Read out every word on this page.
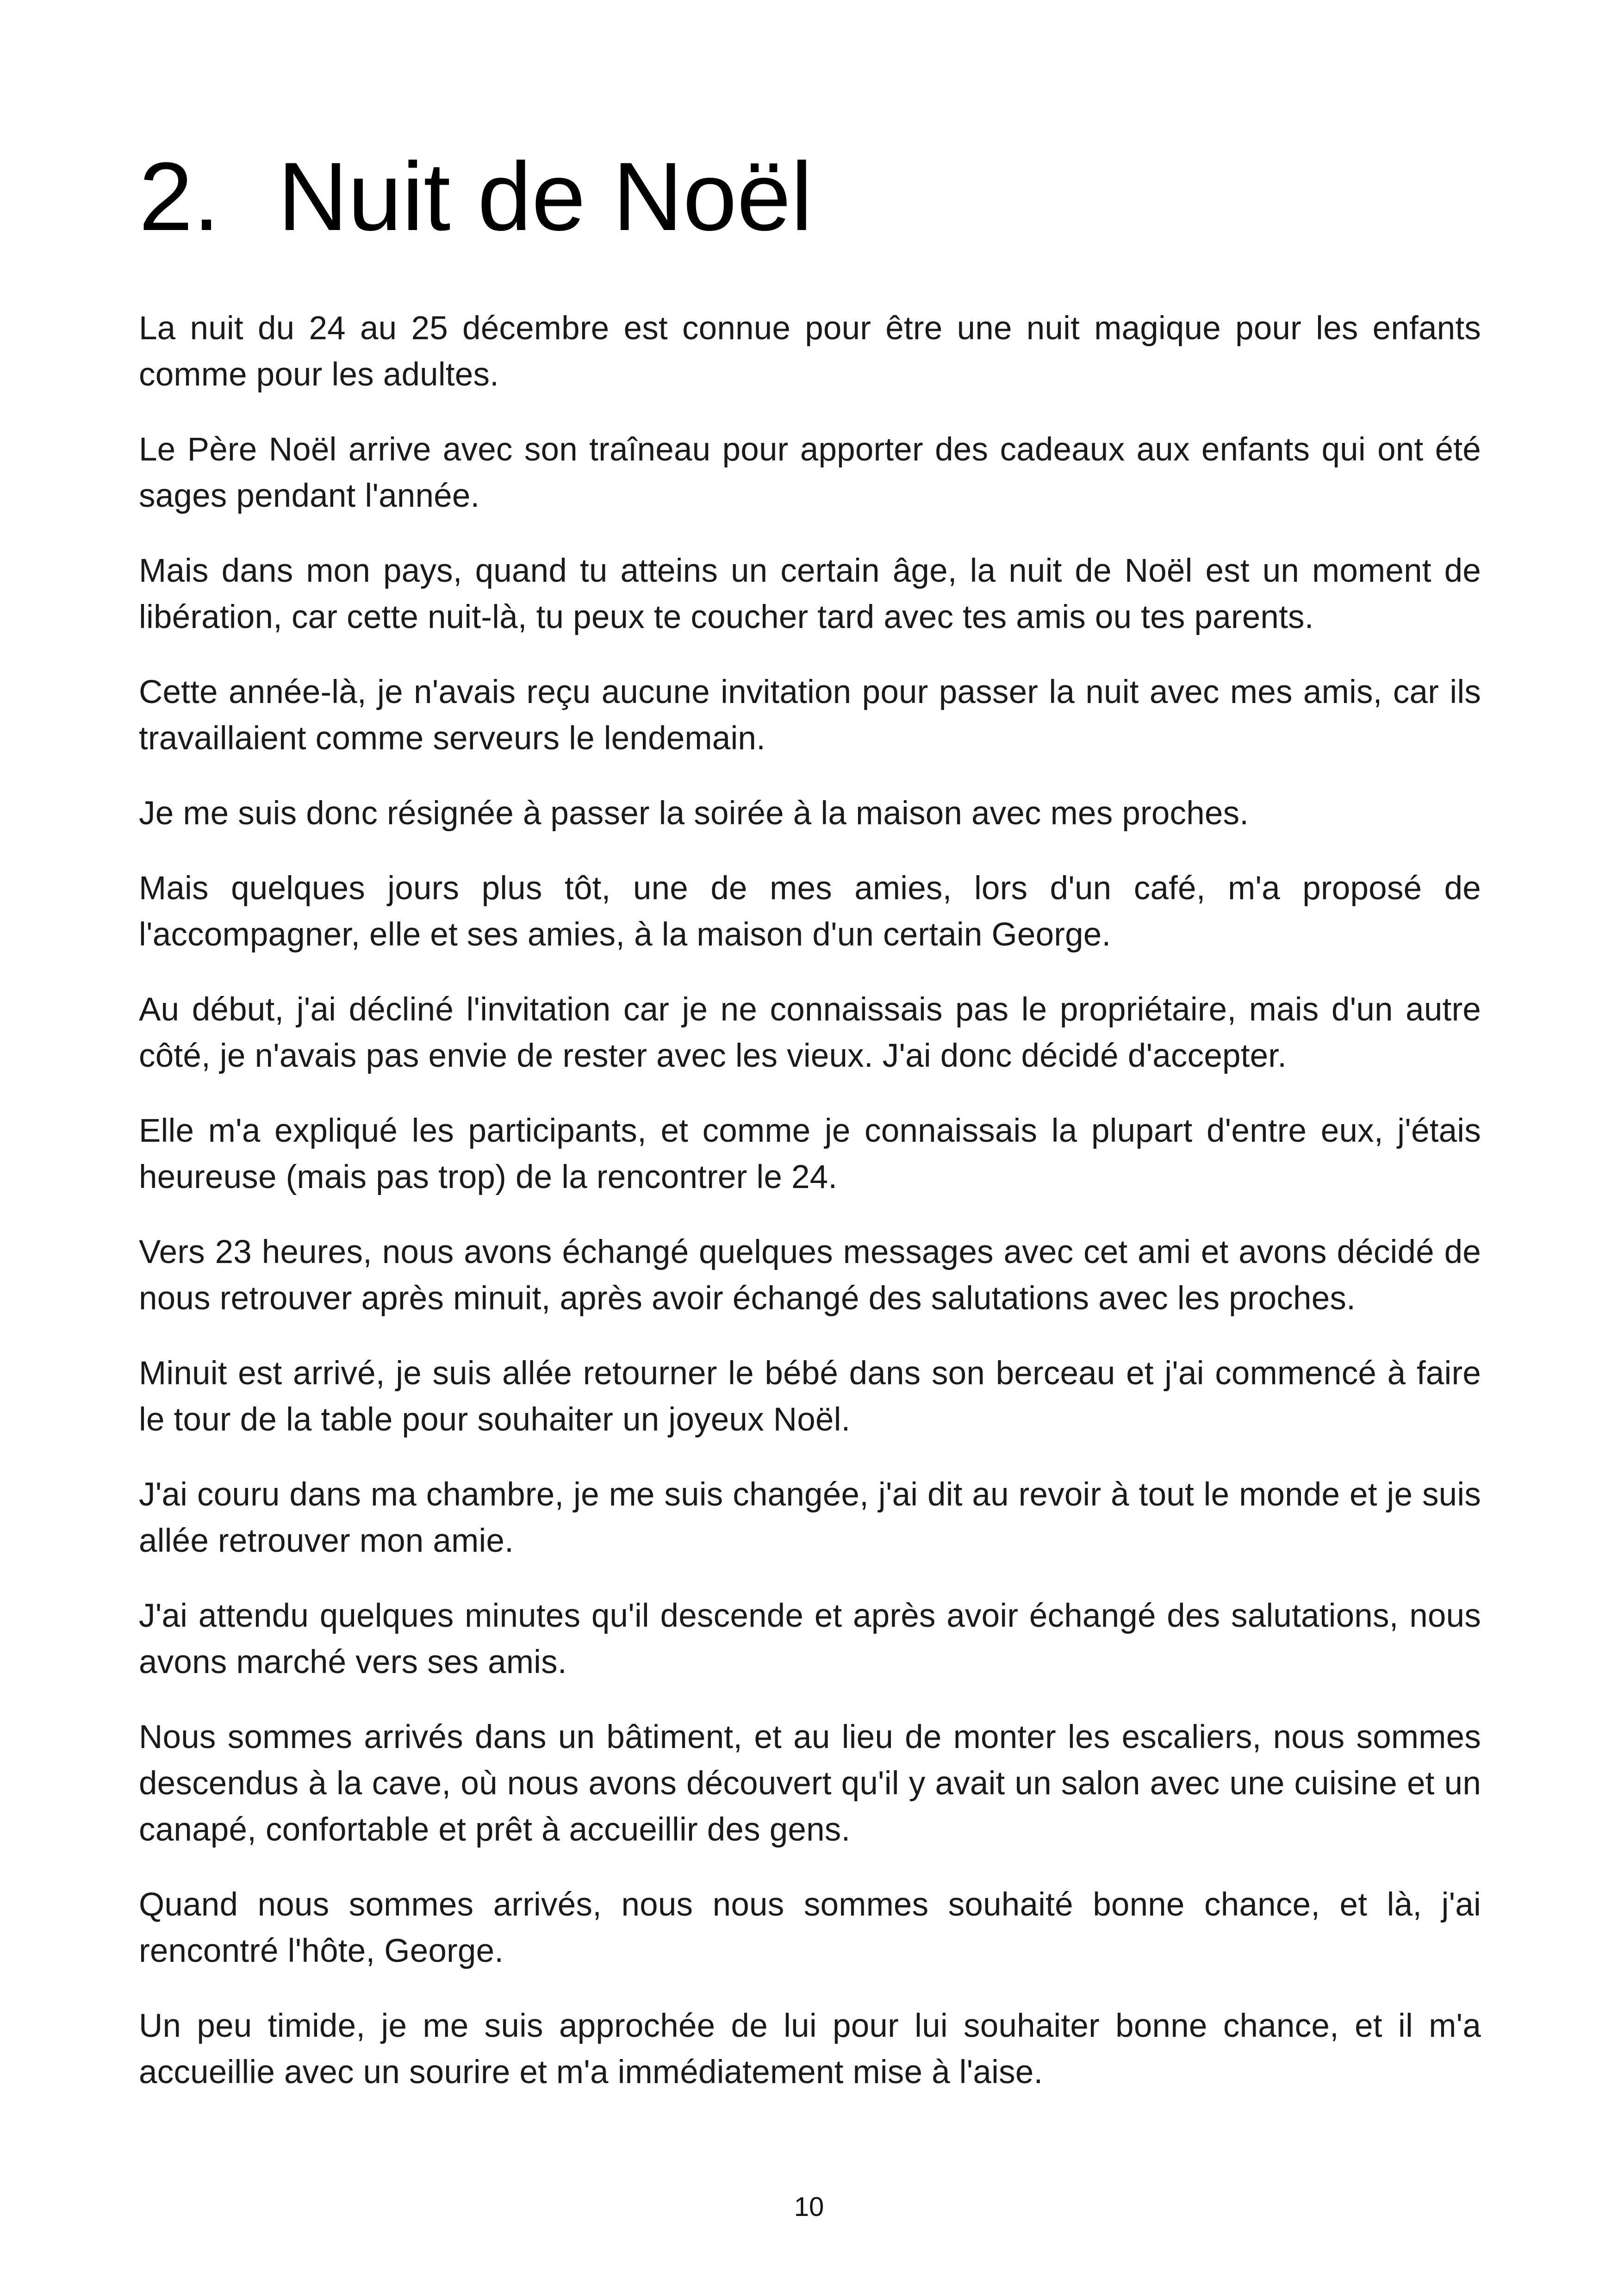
2. Nuit de Noël

La nuit du 24 au 25 décembre est connue pour être une nuit magique pour les enfants comme pour les adultes.

Le Père Noël arrive avec son traîneau pour apporter des cadeaux aux enfants qui ont été sages pendant l'année.

Mais dans mon pays, quand tu atteins un certain âge, la nuit de Noël est un moment de libération, car cette nuit-là, tu peux te coucher tard avec tes amis ou tes parents.

Cette année-là, je n'avais reçu aucune invitation pour passer la nuit avec mes amis, car ils travaillaient comme serveurs le lendemain.

Je me suis donc résignée à passer la soirée à la maison avec mes proches.

Mais quelques jours plus tôt, une de mes amies, lors d'un café, m'a proposé de l'accompagner, elle et ses amies, à la maison d'un certain George.

Au début, j'ai décliné l'invitation car je ne connaissais pas le propriétaire, mais d'un autre côté, je n'avais pas envie de rester avec les vieux. J'ai donc décidé d'accepter.

Elle m'a expliqué les participants, et comme je connaissais la plupart d'entre eux, j'étais heureuse (mais pas trop) de la rencontrer le 24.

Vers 23 heures, nous avons échangé quelques messages avec cet ami et avons décidé de nous retrouver après minuit, après avoir échangé des salutations avec les proches.

Minuit est arrivé, je suis allée retourner le bébé dans son berceau et j'ai commencé à faire le tour de la table pour souhaiter un joyeux Noël.

J'ai couru dans ma chambre, je me suis changée, j'ai dit au revoir à tout le monde et je suis allée retrouver mon amie.

J'ai attendu quelques minutes qu'il descende et après avoir échangé des salutations, nous avons marché vers ses amis.

Nous sommes arrivés dans un bâtiment, et au lieu de monter les escaliers, nous sommes descendus à la cave, où nous avons découvert qu'il y avait un salon avec une cuisine et un canapé, confortable et prêt à accueillir des gens.

Quand nous sommes arrivés, nous nous sommes souhaité bonne chance, et là, j'ai rencontré l'hôte, George.

Un peu timide, je me suis approchée de lui pour lui souhaiter bonne chance, et il m'a accueillie avec un sourire et m'a immédiatement mise à l'aise.

10
